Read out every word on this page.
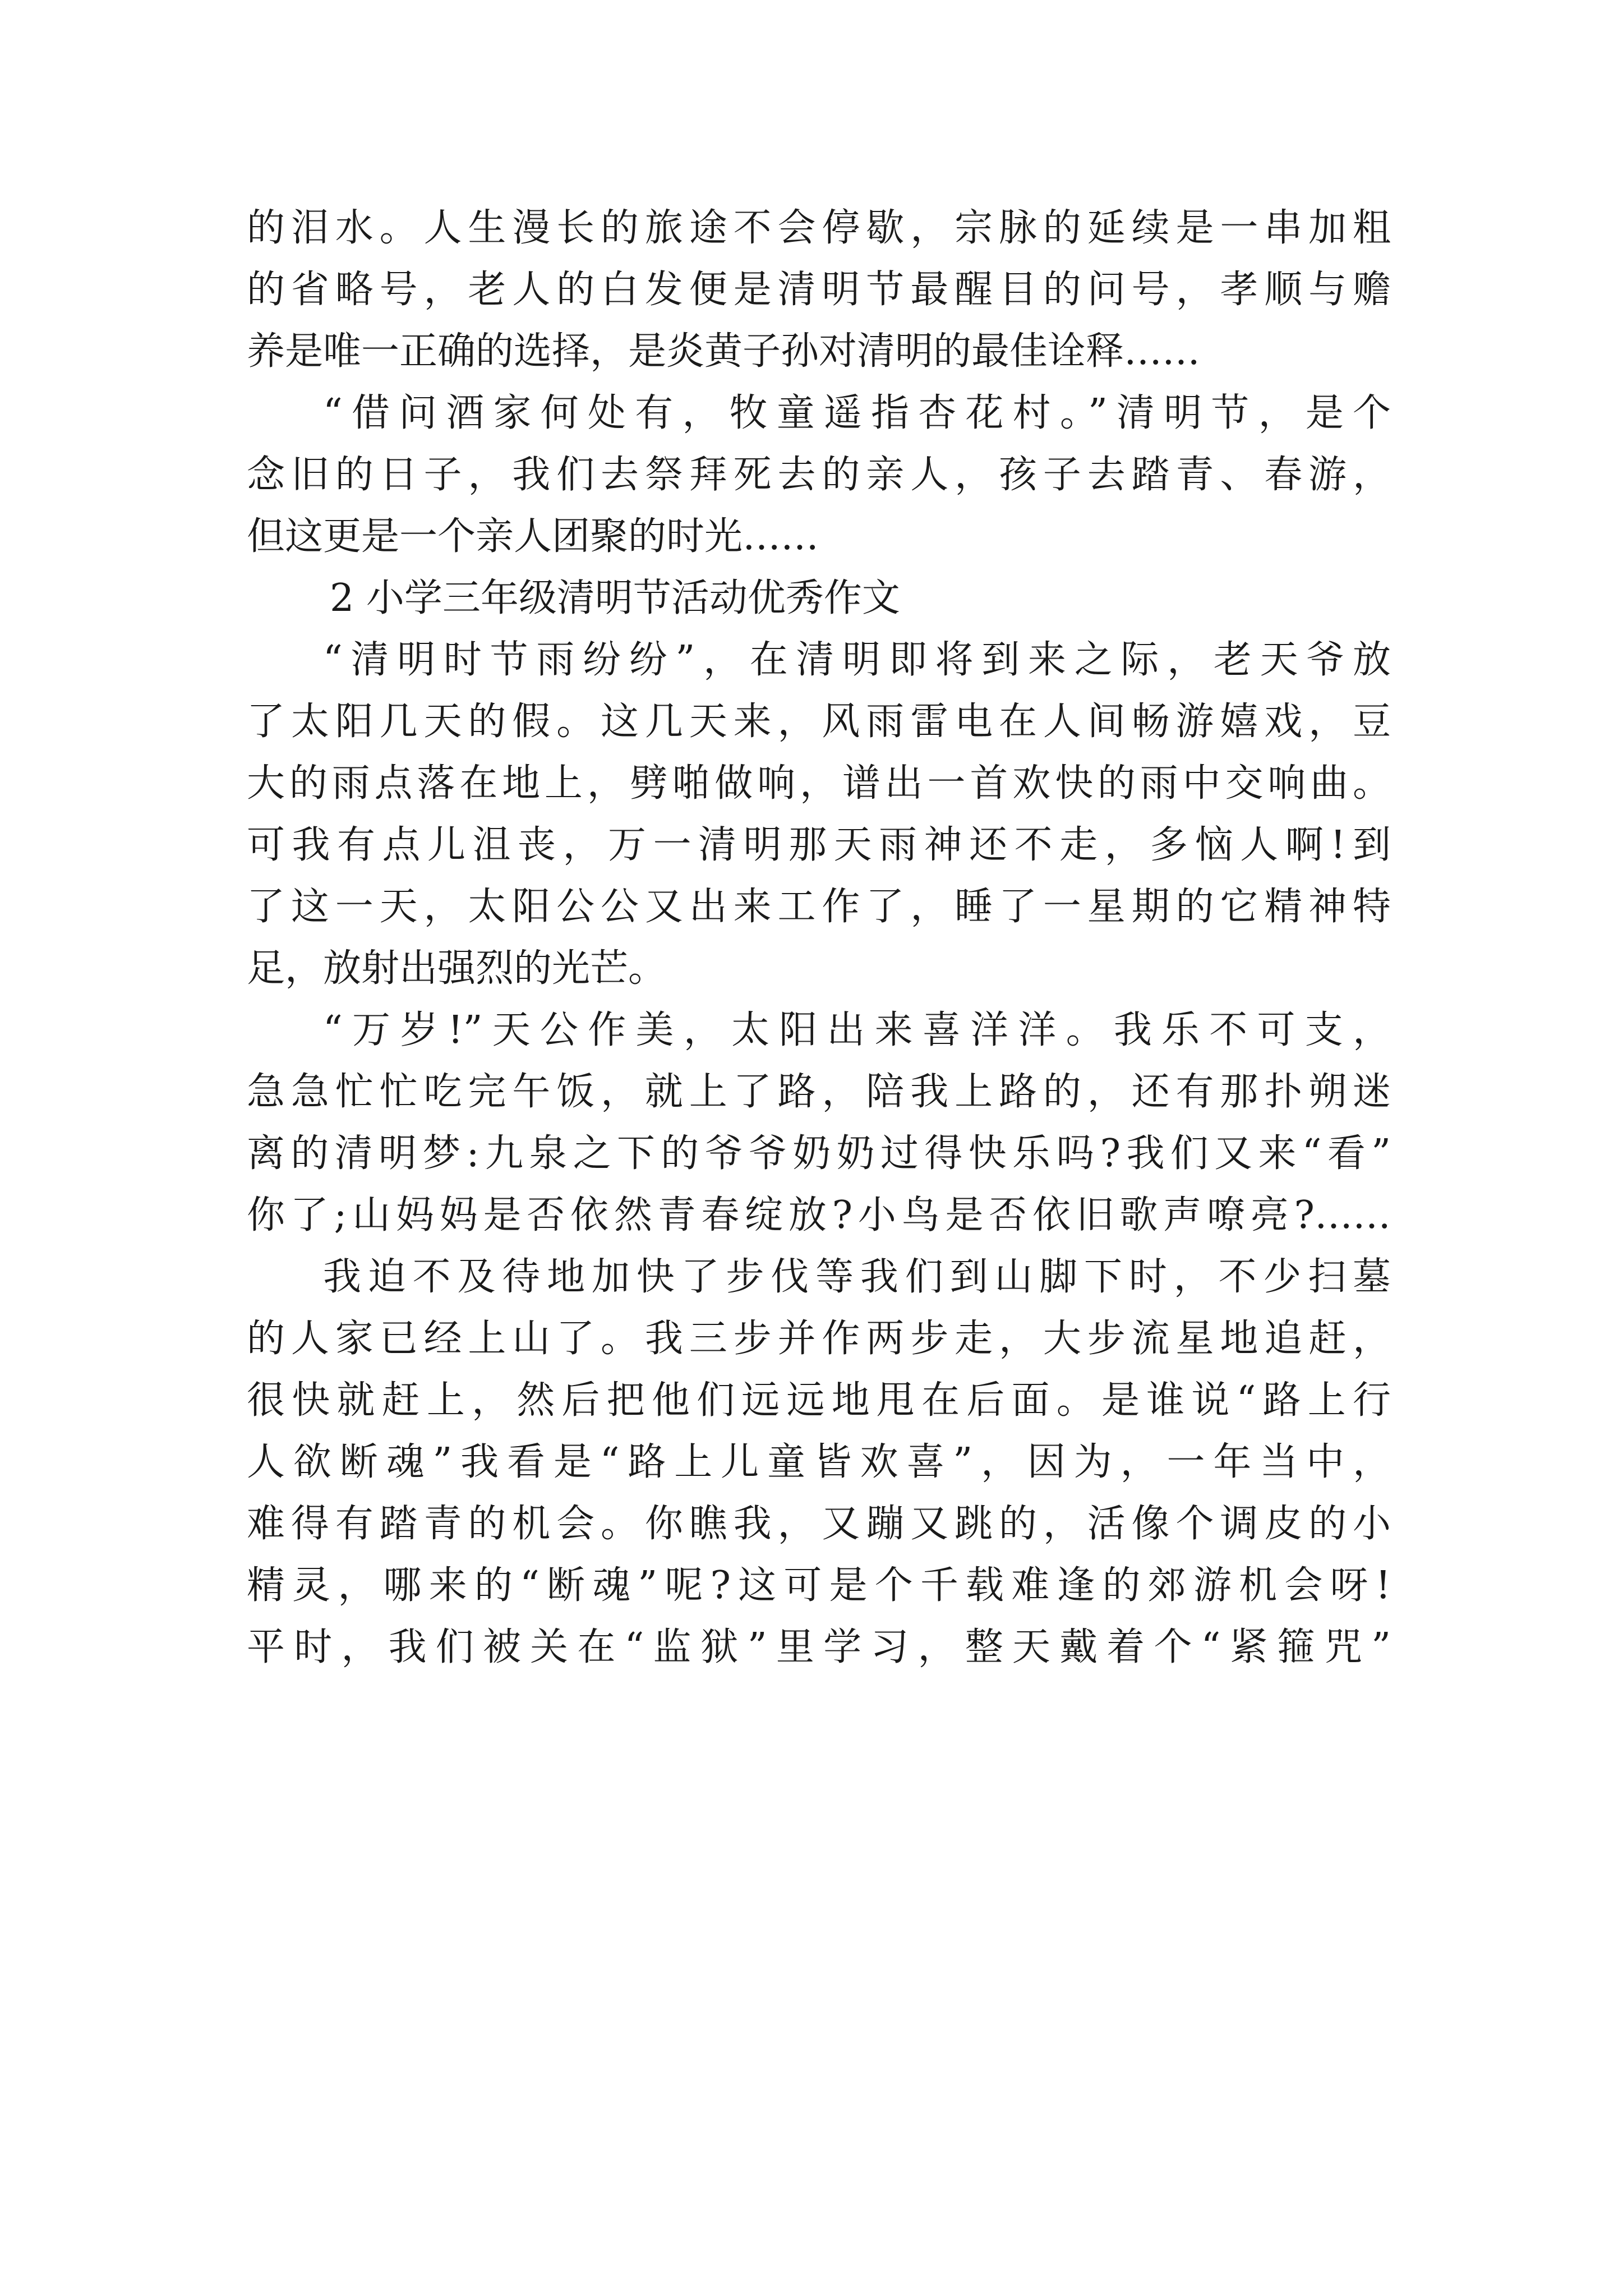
的泪水。人生漫长的旅途不会停歇，宗脉的延续是一串加粗
的省略号，老人的白发便是清明节最醒目的问号，孝顺与赡
养是唯一正确的选择，是炎黄子孙对清明的最佳诠释……
“借问酒家何处有，牧童遥指杏花村。”清明节，是个
念旧的日子，我们去祭拜死去的亲人，孩子去踏青、春游，
但这更是一个亲人团聚的时光……
2 小学三年级清明节活动优秀作文
“清明时节雨纷纷”，在清明即将到来之际，老天爷放
了太阳几天的假。这几天来，风雨雷电在人间畅游嬉戏，豆
大的雨点落在地上，劈啪做响，谱出一首欢快的雨中交响曲。
可我有点儿沮丧，万一清明那天雨神还不走，多恼人啊!到
了这一天，太阳公公又出来工作了，睡了一星期的它精神特
足，放射出强烈的光芒。
“万岁!”天公作美，太阳出来喜洋洋。我乐不可支，
急急忙忙吃完午饭，就上了路，陪我上路的，还有那扑朔迷
离的清明梦:九泉之下的爷爷奶奶过得快乐吗?我们又来“看”
你了;山妈妈是否依然青春绽放?小鸟是否依旧歌声嘹亮?……
我迫不及待地加快了步伐等我们到山脚下时，不少扫墓
的人家已经上山了。我三步并作两步走，大步流星地追赶，
很快就赶上，然后把他们远远地甩在后面。是谁说“路上行
人欲断魂”我看是“路上儿童皆欢喜”，因为，一年当中，
难得有踏青的机会。你瞧我，又蹦又跳的，活像个调皮的小
精灵，哪来的“断魂”呢?这可是个千载难逢的郊游机会呀!
平时，我们被关在“监狱”里学习，整天戴着个“紧箍咒”
